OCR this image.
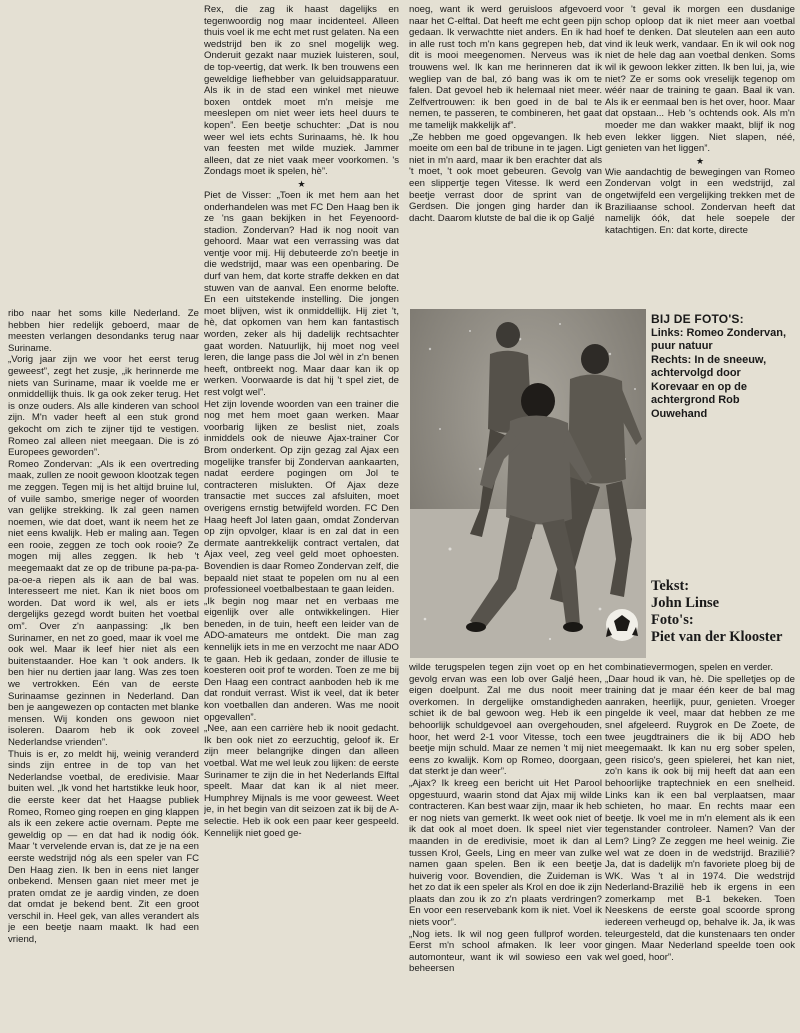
ribo naar het soms kille Nederland. Ze hebben hier redelijk geboerd, maar de meesten verlangen desondanks terug naar Suriname.

„Vorig jaar zijn we voor het eerst terug geweest”, zegt het zusje, „ik herinnerde me niets van Suriname, maar ik voelde me er onmiddellijk thuis. Ik ga ook zeker terug. Het is onze ouders. Als alle kinderen van school zijn. M'n vader heeft al een stuk grond gekocht om zich te zijner tijd te vestigen. Romeo zal alleen niet meegaan. Die is zó Europees geworden”.

Romeo Zondervan: „Als ik een overtreding maak, zullen ze nooit gewoon klootzak tegen me zeggen. Tegen mij is het altijd bruine lul, of vuile sambo, smerige neger of woorden van gelijke strekking. Ik zal geen namen noemen, wie dat doet, want ik neem het ze niet eens kwalijk. Heb er maling aan. Tegen een rooie, zeggen ze toch ook rooie? Ze mogen mij alles zeggen. Ik heb 't meegemaakt dat ze op de tribune pa-pa-pa-pa-oe-a riepen als ik aan de bal was. Interesseert me niet. Kan ik niet boos om worden. Dat word ik wel, als er iets dergelijks gezegd wordt buiten het voetbal om”. Over z'n aanpassing: „Ik ben Surinamer, en net zo goed, maar ik voel me ook wel. Maar ik leef hier niet als een buitenstaander. Hoe kan 't ook anders. Ik ben hier nu dertien jaar lang. Was zes toen we vertrokken. Eén van de eerste Surinaamse gezinnen in Nederland. Dan ben je aangewezen op contacten met blanke mensen. Wij konden ons gewoon niet isoleren. Daarom heb ik ook zoveel Nederlandse vrienden”.

Thuis is er, zo meldt hij, weinig veranderd sinds zijn entree in de top van het Nederlandse voetbal, de eredivisie. Maar buiten wel. „Ik vond het hartstikke leuk hoor, die eerste keer dat het Haagse publiek Romeo, Romeo ging roepen en ging klappen als ik een zekere actie overnam. Pepte me geweldig op — en dat had ik nodig óók. Maar 't vervelende ervan is, dat ze je na een eerste wedstrijd nóg als een speler van FC Den Haag zien. Ik ben in eens niet langer onbekend. Mensen gaan niet meer met je praten omdat ze je aardig vinden, ze doen dat omdat je bekend bent. Zit een groot verschil in. Heel gek, van alles verandert als je een beetje naam maakt. Ik had een vriend,

Rex, die zag ik haast dagelijks en tegenwoordig nog maar incidenteel. Alleen thuis voel ik me echt met rust gelaten. Na een wedstrijd ben ik zo snel mogelijk weg. Onderuit gezakt naar muziek luisteren, soul, de top-veertig, dat werk. Ik ben trouwens een geweldige liefhebber van geluidsapparatuur. Als ik in de stad een winkel met nieuwe boxen ontdek moet m'n meisje me meeslepen om niet weer iets heel duurs te kopen”. Een beetje schuchter: „Dat is nou weer wel iets echts Surinaams, hè. Ik hou van feesten met wilde muziek. Jammer alleen, dat ze niet vaak meer voorkomen. 's Zondags moet ik spelen, hè”.

★

Piet de Visser: „Toen ik met hem aan het onderhandelen was met FC Den Haag ben ik ze 'ns gaan bekijken in het Feyenoord-stadion. Zondervan? Had ik nog nooit van gehoord. Maar wat een verrassing was dat ventje voor mij. Hij debuteerde zo'n beetje in die wedstrijd, maar was een openbaring. De durf van hem, dat korte straffe dekken en dat stuwen van de aanval. Een enorme belofte. En een uitstekende instelling. Die jongen moet blijven, wist ik onmiddellijk. Hij ziet 't, hè, dat opkomen van hem kan fantastisch worden, zeker als hij dadelijk rechtsachter gaat worden. Natuurlijk, hij moet nog veel leren, die lange pass die Jol wèl in z'n benen heeft, ontbreekt nog. Maar daar kan ik op werken. Voorwaarde is dat hij 't spel ziet, de rest volgt wel”.

Het zijn lovende woorden van een trainer die nog met hem moet gaan werken. Maar voorbarig lijken ze beslist niet, zoals inmiddels ook de nieuwe Ajax-trainer Cor Brom onderkent. Op zijn gezag zal Ajax een mogelijke transfer bij Zondervan aankaarten, nadat eerdere pogingen om Jol te contracteren mislukten. Of Ajax deze transactie met succes zal afsluiten, moet overigens ernstig betwijfeld worden. FC Den Haag heeft Jol laten gaan, omdat Zondervan op zijn opvolger, klaar is en zal dat in een dermate aantrekkelijk contract vertalen, dat Ajax veel, zeg veel geld moet ophoesten. Bovendien is daar Romeo Zondervan zelf, die bepaald niet staat te popelen om nu al een professioneel voetbalbestaan te gaan leiden.

„Ik begin nog maar net en verbaas me eigenlijk over alle ontwikkelingen. Hier beneden, in de tuin, heeft een leider van de ADO-amateurs me ontdekt. Die man zag kennelijk iets in me en verzocht me naar ADO te gaan. Heb ik gedaan, zonder de illusie te koesteren ooit prof te worden. Toen ze me bij Den Haag een contract aanboden heb ik me dat ronduit verrast. Wist ik veel, dat ik beter kon voetballen dan anderen. Was me nooit opgevallen”.

„Nee, aan een carrière heb ik nooit gedacht. Ik ben ook niet zo eerzuchtig, geloof ik. Er zijn meer belangrijke dingen dan alleen voetbal. Wat me wel leuk zou lijken: de eerste Surinamer te zijn die in het Nederlands Elftal speelt. Maar dat kan ik al niet meer. Humphrey Mijnals is me voor geweest. Weet je, in het begin van dit seizoen zat ik bij de A-selectie. Heb ik ook een paar keer gespeeld. Kennelijk niet goed ge-

noeg, want ik werd geruisloos afgevoerd naar het C-elftal. Dat heeft me echt geen pijn gedaan. Ik verwachtte niet anders. En ik had in alle rust toch m'n kans gegrepen heb, dat dit is mooi meegenomen. Nerveus was ik trouwens wel. Ik kan me herinneren dat ik wegliep van de bal, zó bang was ik om te falen. Dat gevoel heb ik helemaal niet meer. Zelfvertrouwen: ik ben goed in de bal te nemen, te passeren, te combineren, het gaat me tamelijk makkelijk af”.

„Ze hebben me goed opgevangen. Ik heb moeite om een bal de tribune in te jagen. Ligt niet in m'n aard, maar ik ben erachter dat als 't moet, 't ook moet gebeuren. Gevolg van een slippertje tegen Vitesse. Ik werd een beetje verrast door de sprint van de Gerdsen. Die jongen ging harder dan ik dacht. Daarom klutste de bal die ik op Galjé

voor 't geval ik morgen een dusdanige schop oploop dat ik niet meer aan voetbal hoef te denken. Dat sleutelen aan een auto vind ik leuk werk, vandaar. En ik wil ook nog niet de hele dag aan voetbal denken. Soms wil ik gewoon lekker zitten. Ik ben lui, ja, wie niet? Ze er soms ook vreselijk tegenop om wéér naar de training te gaan. Baal ik van. Als ik er eenmaal ben is het over, hoor. Maar dat opstaan... Heb 's ochtends ook. Als m'n moeder me dan wakker maakt, blijf ik nog even lekker liggen. Niet slapen, néé, genieten van het liggen”.

★

Wie aandachtig de bewegingen van Romeo Zondervan volgt in een wedstrijd, zal ongetwijfeld een vergelijking trekken met de Braziliaanse school. Zondervan heeft dat namelijk óók, dat hele soepele der katachtigen. En: dat korte, directe

BIJ DE FOTO'S:
Links: Romeo Zondervan, puur natuur
Rechts: In de sneeuw, achtervolgd door Korevaar en op de achtergrond Rob Ouwehand
Tekst:
John Linse
Foto's:
Piet van der Klooster

wilde terugspelen tegen zijn voet op en het gevolg ervan was een lob over Galjé heen, eigen doelpunt. Zal me dus nooit meer overkomen. In dergelijke omstandigheden schiet ik de bal gewoon weg. Heb ik een behoorlijk schuldgevoel aan overgehouden, hoor, het werd 2-1 voor Vitesse, toch een beetje mijn schuld. Maar ze nemen 't mij niet eens zo kwalijk. Kom op Romeo, doorgaan, dat sterkt je dan weer”.

„Ajax? Ik kreeg een bericht uit Het Parool opgestuurd, waarin stond dat Ajax mij wilde contracteren. Kan best waar zijn, maar ik heb er nog niets van gemerkt. Ik weet ook niet of ik dat ook al moet doen. Ik speel niet vier maanden in de eredivisie, moet ik dan al tussen Krol, Geels, Ling en meer van zulke namen gaan spelen. Ben ik een beetje huiverig voor. Bovendien, die Zuideman is het zo dat ik een speler als Krol en doe ik zijn plaats dan zou ik zo z'n plaats verdringen? En voor een reservebank kom ik niet. Voel ik niets voor”.

„Nog iets. Ik wil nog geen fullprof worden. Eerst m'n school afmaken. Ik leer voor automonteur, want ik wil sowieso een vak beheersen

combinatievermogen, spelen en verder.

„Daar houd ik van, hè. Die spelletjes op de training dat je maar één keer de bal mag aanraken, heerlijk, puur, genieten. Vroeger pingelde ik veel, maar dat hebben ze me snel afgeleerd. Ruygrok en De Zoete, de twee jeugdtrainers die ik bij ADO heb meegemaakt. Ik kan nu erg sober spelen, geen risico's, geen spielerei, het kan niet, zo'n kans ik ook bij mij heeft dat aan een behoorlijke traptechniek en een snelheid. Links kan ik een bal verplaatsen, maar schieten, ho maar. En rechts maar een beetje. Ik voel me in m'n element als ik een tegenstander controleer. Namen? Van der Lem? Ling? Ze zeggen me heel weinig. Zie wel wat ze doen in de wedstrijd. Brazilië? Ja, dat is dadelijk m'n favoriete ploeg bij de WK. Was 't al in 1974. Die wedstrijd Nederland-Brazilië heb ik ergens in een zomerkamp met B-1 bekeken. Toen Neeskens de eerste goal scoorde sprong iedereen verheugd op, behalve ik. Ja, ik was teleurgesteld, dat die kunstenaars ten onder gingen. Maar Nederland speelde toen ook wel goed, hoor”.
